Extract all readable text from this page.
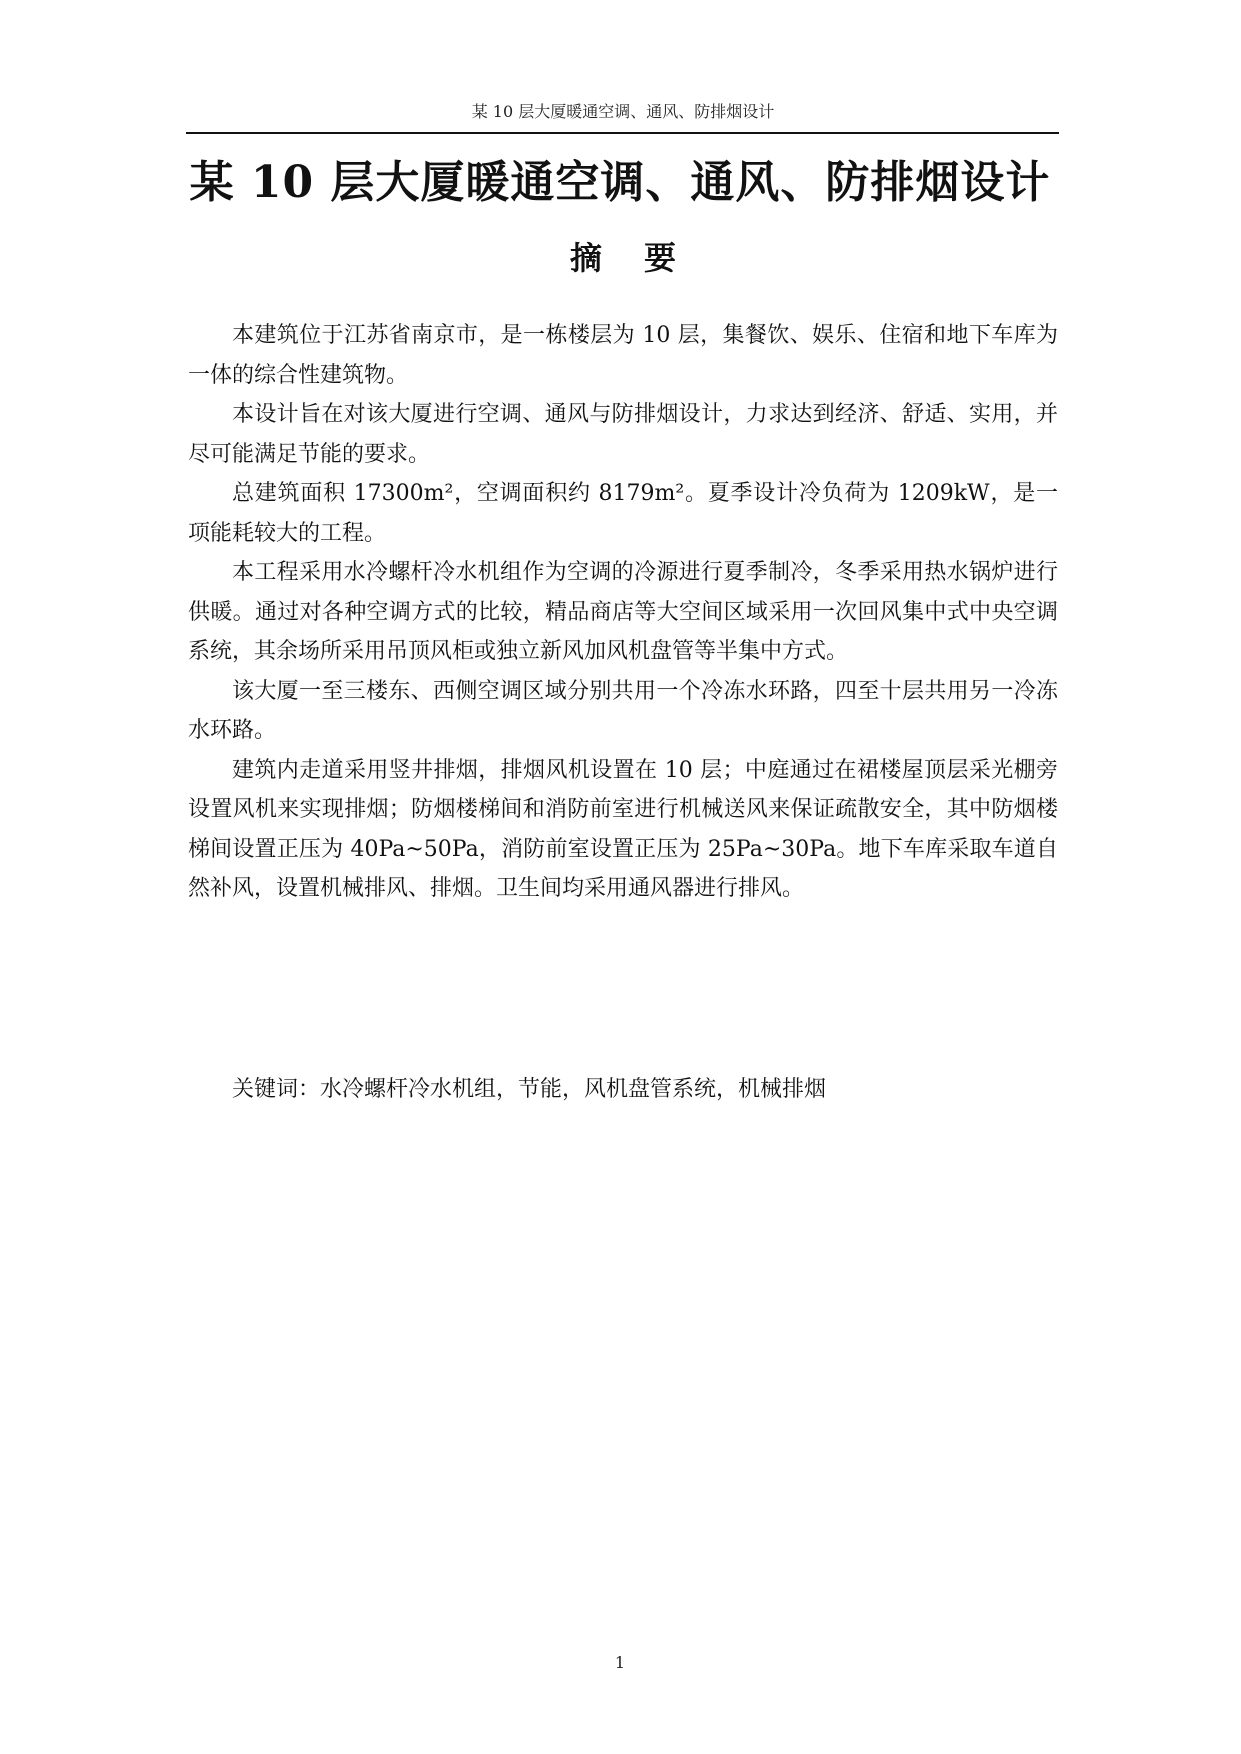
某 10 层大厦暖通空调、通风、防排烟设计
某 10 层大厦暖通空调、通风、防排烟设计
摘 要

本建筑位于江苏省南京市，是一栋楼层为 10 层，集餐饮、娱乐、住宿和地下车库为一体的综合性建筑物。

本设计旨在对该大厦进行空调、通风与防排烟设计，力求达到经济、舒适、实用，并尽可能满足节能的要求。

总建筑面积 17300m²，空调面积约 8179m²。夏季设计冷负荷为 1209kW，是一项能耗较大的工程。

本工程采用水冷螺杆冷水机组作为空调的冷源进行夏季制冷，冬季采用热水锅炉进行供暖。通过对各种空调方式的比较，精品商店等大空间区域采用一次回风集中式中央空调系统，其余场所采用吊顶风柜或独立新风加风机盘管等半集中方式。

该大厦一至三楼东、西侧空调区域分别共用一个冷冻水环路，四至十层共用另一冷冻水环路。

建筑内走道采用竖井排烟，排烟风机设置在 10 层；中庭通过在裙楼屋顶层采光棚旁设置风机来实现排烟；防烟楼梯间和消防前室进行机械送风来保证疏散安全，其中防烟楼梯间设置正压为 40Pa~50Pa，消防前室设置正压为 25Pa~30Pa。地下车库采取车道自然补风，设置机械排风、排烟。卫生间均采用通风器进行排风。

关键词：水冷螺杆冷水机组，节能，风机盘管系统，机械排烟
1
